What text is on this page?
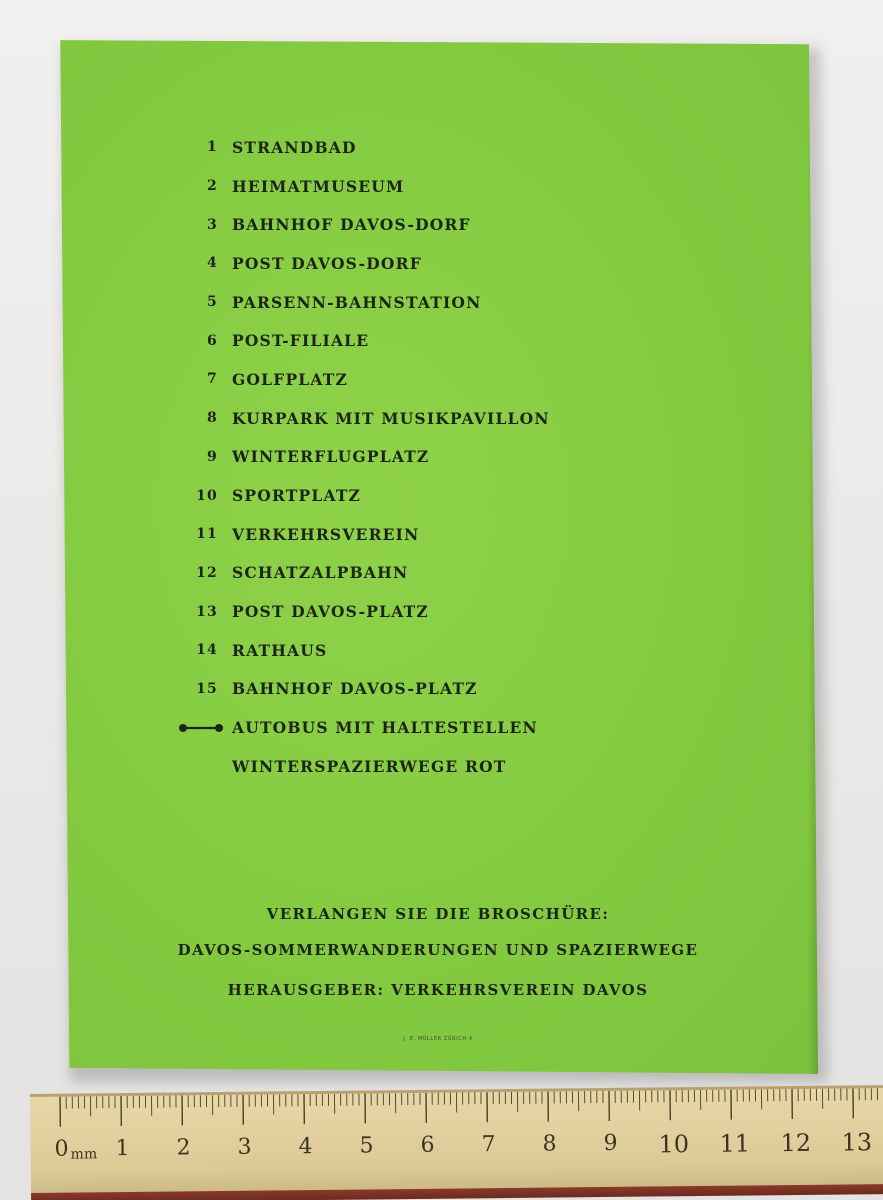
1 STRANDBAD
2 HEIMATMUSEUM
3 BAHNHOF DAVOS-DORF
4 POST DAVOS-DORF
5 PARSENN-BAHNSTATION
6 POST-FILIALE
7 GOLFPLATZ
8 KURPARK MIT MUSIKPAVILLON
9 WINTERFLUGPLATZ
10 SPORTPLATZ
11 VERKEHRSVEREIN
12 SCHATZALPBAHN
13 POST DAVOS-PLATZ
14 RATHAUS
15 BAHNHOF DAVOS-PLATZ
AUTOBUS MIT HALTESTELLEN
WINTERSPAZIERWEGE ROT
VERLANGEN SIE DIE BROSCHÜRE:
DAVOS-SOMMERWANDERUNGEN UND SPAZIERWEGE
HERAUSGEBER: VERKEHRSVEREIN DAVOS
J. E. MÜLLER ZÜRICH 4
mm
0 1 2 3 4 5 6 7 8 9 10 11 12 13
